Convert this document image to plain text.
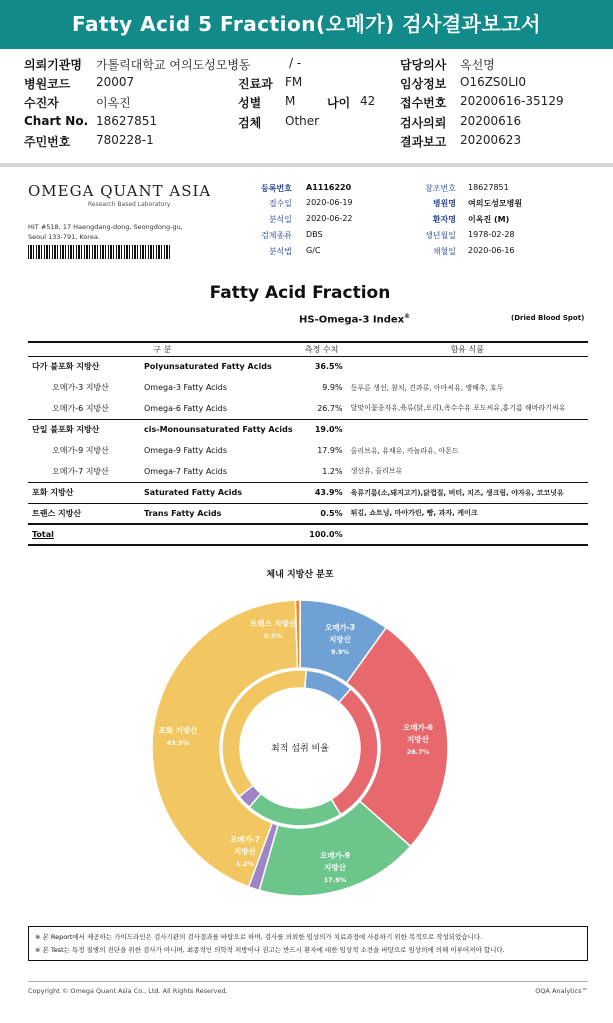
Fatty Acid 5 Fraction(오메가) 검사결과보고서
의뢰기관명 가톨릭대학교 여의도성모병동	/ -	담당의사 옥선명
병원코드 20007	진료과 FM	임상정보 O16ZS0LI0
수진자	이옥진	성별 M	나이 42 접수번호 20200616-35129
Chart No. 18627851	검체 Other	검사의뢰 20200616
주민번호 780228-1	결과보고 20200623
OMEGA QUANT ASIA
Research Based Laboratory
HIT #518, 17 Haengdang-dong, Seongdong-gu,
Seoul 133-791, Korea.
등록번호 A1116220
접수일 2020-06-19
분석일 2020-06-22
검체종류 DBS
분석법 G/C
참조번호 18627851
병원명 여의도성모병원
환자명 이옥진 (M)
생년월일 1978-02-28
채혈일 2020-06-16
Fatty Acid Fraction
HS-Omega-3 Index®	(Dried Blood Spot)
구 분		측정 수치	함유 식품
다가 불포화 지방산	Polyunsaturated Fatty Acids	36.5%	
오메가-3 지방산	Omega-3 Fatty Acids	9.9%	등푸른 생선, 참치, 견과류, 아마씨유, 앵배추, 호두
오메가-6 지방산	Omega-6 Fatty Acids	26.7%	달맞이꽃종자유,육류(닭,오리),옥수수유 포도씨유,홍기름 해바라기씨유
단일 불포화 지방산	cis-Monounsaturated Fatty Acids	19.0%	
오메가-9 지방산	Omega-9 Fatty Acids	17.9%	올리브유, 유채유, 카놀라유, 아몬드
오메가-7 지방산	Omega-7 Fatty Acids	1.2%	생선유, 올리브유
포화 지방산	Saturated Fatty Acids	43.9%	육류기름(소,돼지고기),닭껍질, 버터, 치즈, 생크림, 야자유, 코코넛유
트랜스 지방산	Trans Fatty Acids	0.5%	튀김, 쇼트닝, 마아가린, 빵, 과자, 케이크
Total		100.0%	
체내 지방산 분포
최적 섭취 비율
오메가-3
지방산
9.9%
오메가-6
지방산
26.7%
오메가-9
지방산
17.9%
오메가-7
지방산
1.2%
포화 지방산
43.9%
트랜스 지방산
0.5%
※ 본 Report에서 제공하는 가이드라인은 검사기관의 검사결과를 바탕으로 하며, 검사를 의뢰한 임상의가 치료과정에 사용하기 위한 목적으로 작성되었습니다.
※ 본 Test는 특정 질병의 진단을 위한 검사가 아니며, 최종적인 의학적 처방이나 권고는 반드시 환자에 대한 임상적 소견을 바탕으로 임상의에 의해 이루어져야 합니다.
Copyright © Omega Quant Asia Co., Ltd. All Rights Reserved.	OQA Analytics™
